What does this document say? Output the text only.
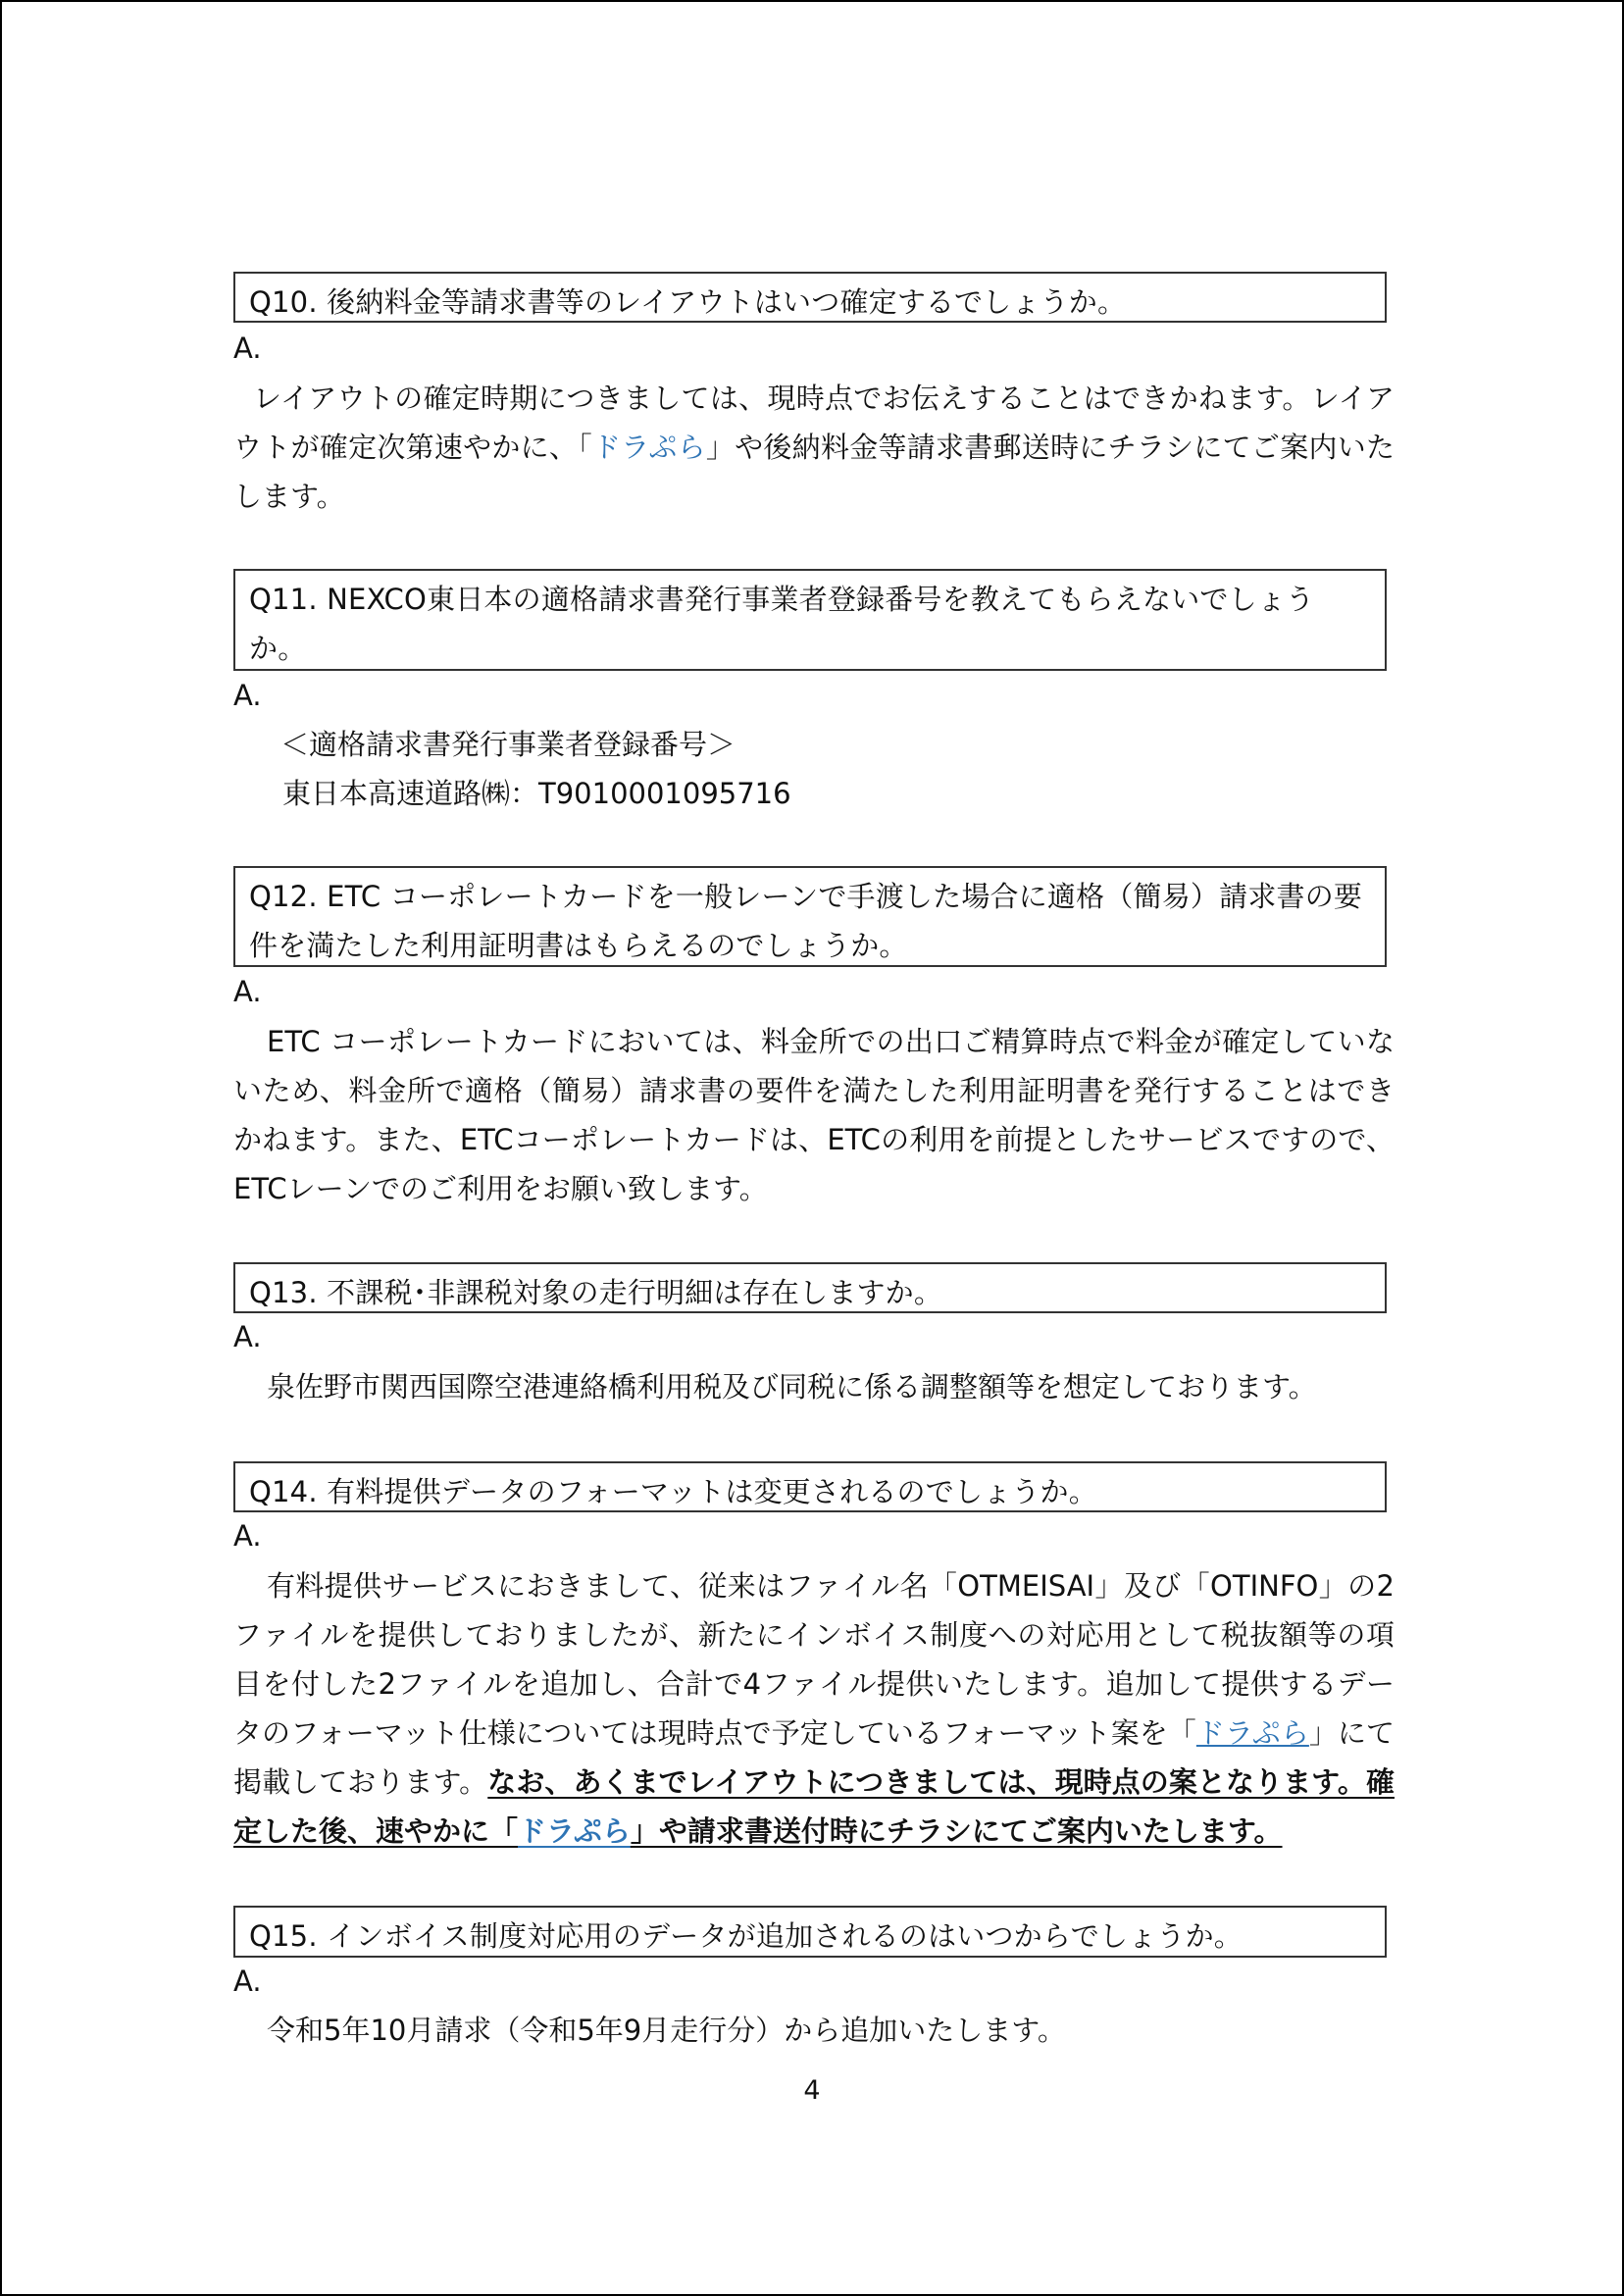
Q10. 後納料金等請求書等のレイアウトはいつ確定するでしょうか。
A.
レイアウトの確定時期につきましては、現時点でお伝えすることはできかねます。レイアウトが確定次第速やかに、「ドラぷら」や後納料金等請求書郵送時にチラシにてご案内いたします。
Q11. NEXCO東日本の適格請求書発行事業者登録番号を教えてもらえないでしょうか。
A.
＜適格請求書発行事業者登録番号＞
東日本高速道路㈱：T9010001095716
Q12. ETC コーポレートカードを一般レーンで手渡した場合に適格（簡易）請求書の要件を満たした利用証明書はもらえるのでしょうか。
A.
ETC コーポレートカードにおいては、料金所での出口ご精算時点で料金が確定していないため、料金所で適格（簡易）請求書の要件を満たした利用証明書を発行することはできかねます。また、ETCコーポレートカードは、ETCの利用を前提としたサービスですので、ETCレーンでのご利用をお願い致します。
Q13. 不課税･非課税対象の走行明細は存在しますか。
A.
泉佐野市関西国際空港連絡橋利用税及び同税に係る調整額等を想定しております。
Q14. 有料提供データのフォーマットは変更されるのでしょうか。
A.
有料提供サービスにおきまして、従来はファイル名「OTMEISAI」及び「OTINFO」の2ファイルを提供しておりましたが、新たにインボイス制度への対応用として税抜額等の項目を付した2ファイルを追加し、合計で4ファイル提供いたします。追加して提供するデータのフォーマット仕様については現時点で予定しているフォーマット案を「ドラぷら」にて掲載しております。なお、あくまでレイアウトにつきましては、現時点の案となります。確定した後、速やかに「ドラぷら」や請求書送付時にチラシにてご案内いたします。
Q15. インボイス制度対応用のデータが追加されるのはいつからでしょうか。
A.
令和5年10月請求（令和5年9月走行分）から追加いたします。
4
